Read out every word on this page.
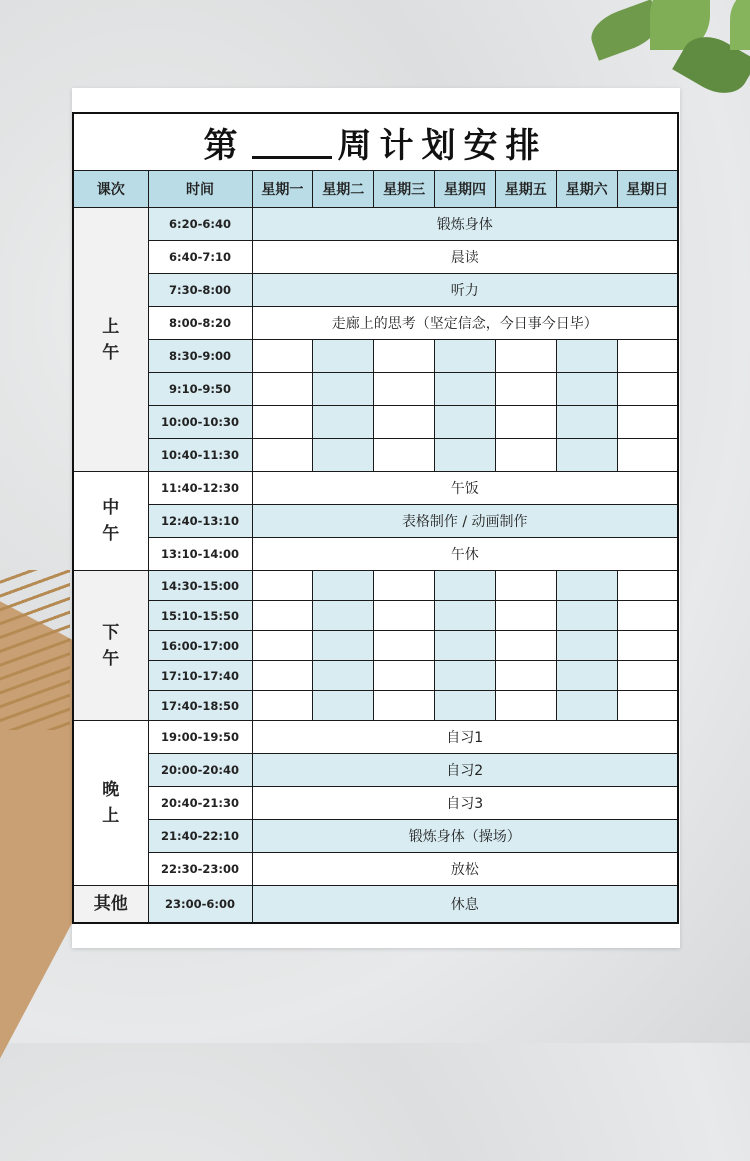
第 周计划安排								
课次	时间	星期一	星期二	星期三	星期四	星期五	星期六	星期日
上午	6:20-6:40	锻炼身体						
	6:40-7:10	晨读						
	7:30-8:00	听力						
	8:00-8:20	走廊上的思考（坚定信念，今日事今日毕）						
	8:30-9:00							
	9:10-9:50							
	10:00-10:30							
	10:40-11:30							
中午	11:40-12:30	午饭						
	12:40-13:10	表格制作 / 动画制作						
	13:10-14:00	午休						
下午	14:30-15:00							
	15:10-15:50							
	16:00-17:00							
	17:10-17:40							
	17:40-18:50							
晚上	19:00-19:50	自习1						
	20:00-20:40	自习2						
	20:40-21:30	自习3						
	21:40-22:10	锻炼身体（操场）						
	22:30-23:00	放松						
其他	23:00-6:00	休息						
